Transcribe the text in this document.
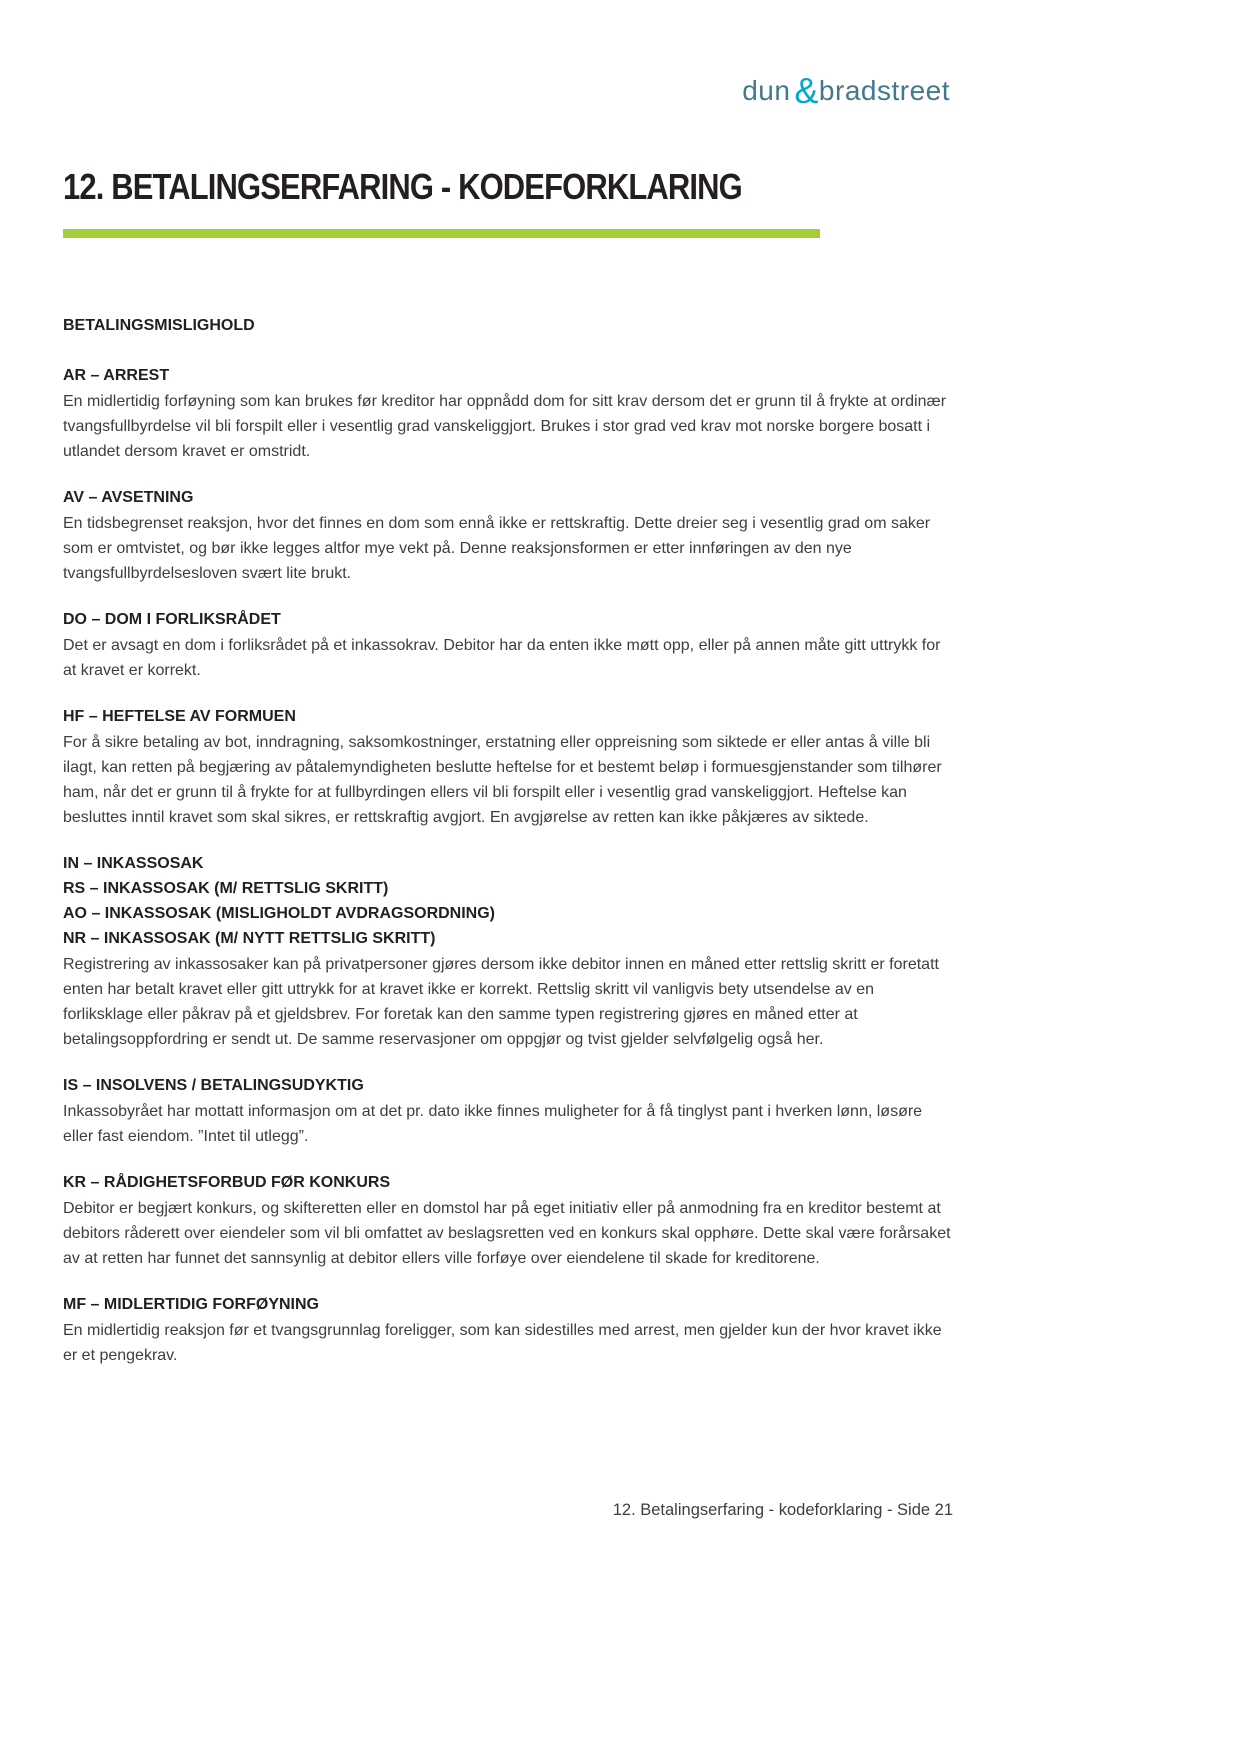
dun &bradstreet
12. BETALINGSERFARING - KODEFORKLARING
BETALINGSMISLIGHOLD
AR – ARREST

En midlertidig forføyning som kan brukes før kreditor har oppnådd dom for sitt krav dersom det er grunn til å frykte at ordinær tvangsfullbyrdelse vil bli forspilt eller i vesentlig grad vanskeliggjort. Brukes i stor grad ved krav mot norske borgere bosatt i utlandet dersom kravet er omstridt.

AV – AVSETNING

En tidsbegrenset reaksjon, hvor det finnes en dom som ennå ikke er rettskraftig. Dette dreier seg i vesentlig grad om saker som er omtvistet, og bør ikke legges altfor mye vekt på. Denne reaksjonsformen er etter innføringen av den nye tvangsfullbyrdelsesloven svært lite brukt.

DO – DOM I FORLIKSRÅDET

Det er avsagt en dom i forliksrådet på et inkassokrav. Debitor har da enten ikke møtt opp, eller på annen måte gitt uttrykk for at kravet er korrekt.

HF – HEFTELSE AV FORMUEN

For å sikre betaling av bot, inndragning, saksomkostninger, erstatning eller oppreisning som siktede er eller antas å ville bli ilagt, kan retten på begjæring av påtalemyndigheten beslutte heftelse for et bestemt beløp i formuesgjenstander som tilhører ham, når det er grunn til å frykte for at fullbyrdingen ellers vil bli forspilt eller i vesentlig grad vanskeliggjort. Heftelse kan besluttes inntil kravet som skal sikres, er rettskraftig avgjort. En avgjørelse av retten kan ikke påkjæres av siktede.

IN – INKASSOSAK
RS – INKASSOSAK (M/ RETTSLIG SKRITT)
AO – INKASSOSAK (MISLIGHOLDT AVDRAGSORDNING)
NR – INKASSOSAK (M/ NYTT RETTSLIG SKRITT)

Registrering av inkassosaker kan på privatpersoner gjøres dersom ikke debitor innen en måned etter rettslig skritt er foretatt enten har betalt kravet eller gitt uttrykk for at kravet ikke er korrekt. Rettslig skritt vil vanligvis bety utsendelse av en forliksklage eller påkrav på et gjeldsbrev. For foretak kan den samme typen registrering gjøres en måned etter at betalingsoppfordring er sendt ut. De samme reservasjoner om oppgjør og tvist gjelder selvfølgelig også her.

IS – INSOLVENS / BETALINGSUDYKTIG

Inkassobyrået har mottatt informasjon om at det pr. dato ikke finnes muligheter for å få tinglyst pant i hverken lønn, løsøre eller fast eiendom. ”Intet til utlegg”.

KR – RÅDIGHETSFORBUD FØR KONKURS

Debitor er begjært konkurs, og skifteretten eller en domstol har på eget initiativ eller på anmodning fra en kreditor bestemt at debitors råderett over eiendeler som vil bli omfattet av beslagsretten ved en konkurs skal opphøre. Dette skal være forårsaket av at retten har funnet det sannsynlig at debitor ellers ville forføye over eiendelene til skade for kreditorene.

MF – MIDLERTIDIG FORFØYNING

En midlertidig reaksjon før et tvangsgrunnlag foreligger, som kan sidestilles med arrest, men gjelder kun der hvor kravet ikke er et pengekrav.

12. Betalingserfaring - kodeforklaring - Side 21
